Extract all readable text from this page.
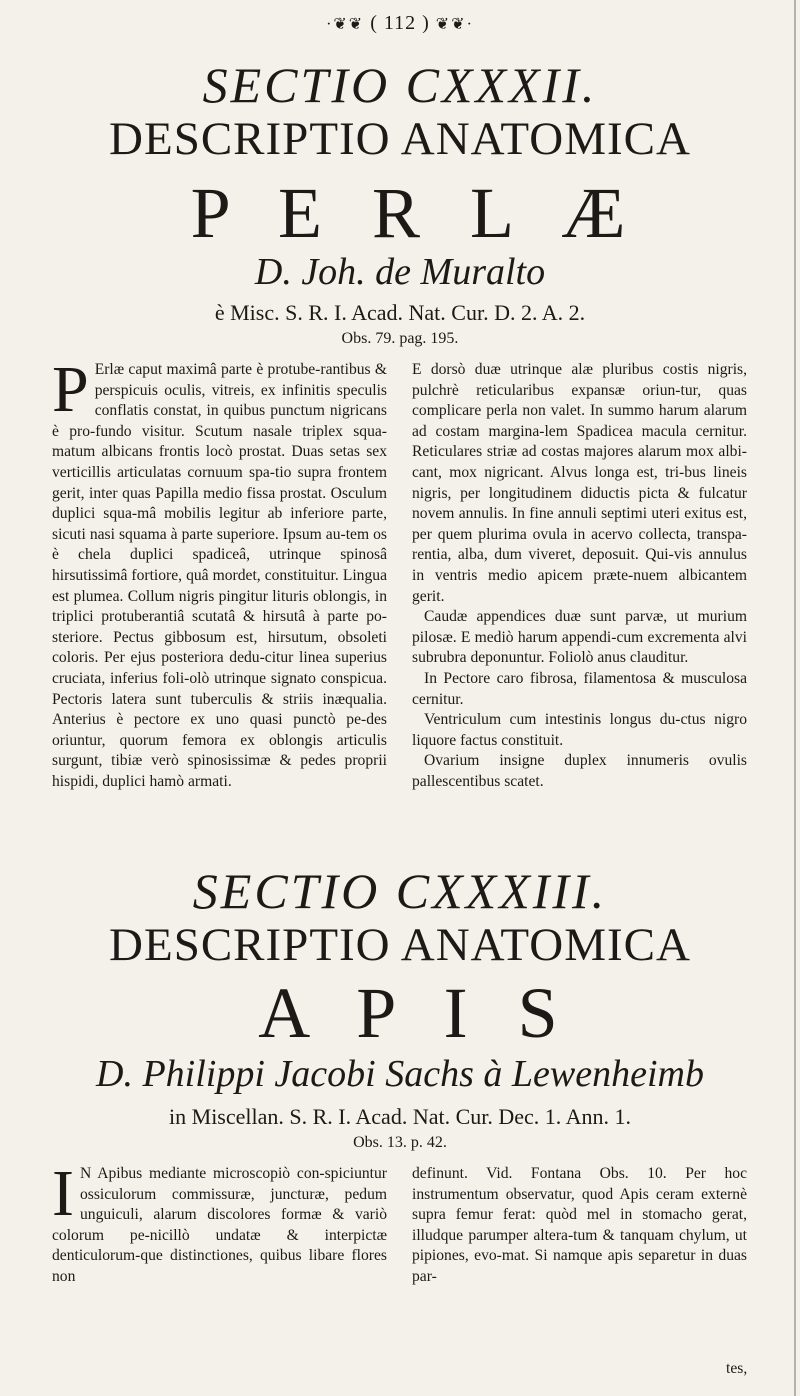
·❦❦ ( 112 ) ❦❦·
SECTIO CXXXII.
DESCRIPTIO ANATOMICA
P E R L Æ
D. Joh. de Muralto
è Misc. S. R. I. Acad. Nat. Cur. D. 2. A. 2.
Obs. 79. pag. 195.

P Erlæ caput maximâ parte è protube-rantibus & perspicuis oculis, vitreis, ex infinitis speculis conflatis constat, in quibus punctum nigricans è pro-fundo visitur. Scutum nasale triplex squa-matum albicans frontis locò prostat. Duas setas sex verticillis articulatas cornuum spa-tio supra frontem gerit, inter quas Papilla medio fissa prostat. Osculum duplici squa-mâ mobilis legitur ab inferiore parte, sicuti nasi squama à parte superiore. Ipsum au-tem os è chela duplici spadiceâ, utrinque spinosâ hirsutissimâ fortiore, quâ mordet, constituitur. Lingua est plumea. Collum nigris pingitur lituris oblongis, in triplici protuberantiâ scutatâ & hirsutâ à parte po-steriore. Pectus gibbosum est, hirsutum, obsoleti coloris. Per ejus posteriora dedu-citur linea superius cruciata, inferius foli-olò utrinque signato conspicua. Pectoris latera sunt tuberculis & striis inæqualia. Anterius è pectore ex uno quasi punctò pe-des oriuntur, quorum femora ex oblongis articulis surgunt, tibiæ verò spinosissimæ & pedes proprii hispidi, duplici hamò armati.

E dorsò duæ utrinque alæ pluribus costis nigris, pulchrè reticularibus expansæ oriun-tur, quas complicare perla non valet. In summo harum alarum ad costam margina-lem Spadicea macula cernitur. Reticulares striæ ad costas majores alarum mox albi-cant, mox nigricant. Alvus longa est, tri-bus lineis nigris, per longitudinem diductis picta & fulcatur novem annulis. In fine annuli septimi uteri exitus est, per quem plurima ovula in acervo collecta, transpa-rentia, alba, dum viveret, deposuit. Qui-vis annulus in ventris medio apicem præte-nuem albicantem gerit.

Caudæ appendices duæ sunt parvæ, ut murium pilosæ. E mediò harum appendi-cum excrementa alvi subrubra deponuntur. Foliolò anus clauditur.

In Pectore caro fibrosa, filamentosa & musculosa cernitur.

Ventriculum cum intestinis longus du-ctus nigro liquore factus constituit.

Ovarium insigne duplex innumeris ovulis pallescentibus scatet.

SECTIO CXXXIII.
DESCRIPTIO ANATOMICA
A P I S
D. Philippi Jacobi Sachs à Lewenheimb
in Miscellan. S. R. I. Acad. Nat. Cur. Dec. 1. Ann. 1.
Obs. 13. p. 42.

I N Apibus mediante microscopiò con-spiciuntur ossiculorum commissuræ, juncturæ, pedum unguiculi, alarum discolores formæ & variò colorum pe-nicillò undatæ & interpictæ denticulorum-que distinctiones, quibus libare flores non

definunt. Vid. Fontana Obs. 10. Per hoc instrumentum observatur, quod Apis ceram externè supra femur ferat: quòd mel in stomacho gerat, illudque parumper altera-tum & tanquam chylum, ut pipiones, evo-mat. Si namque apis separetur in duas par-

tes,
